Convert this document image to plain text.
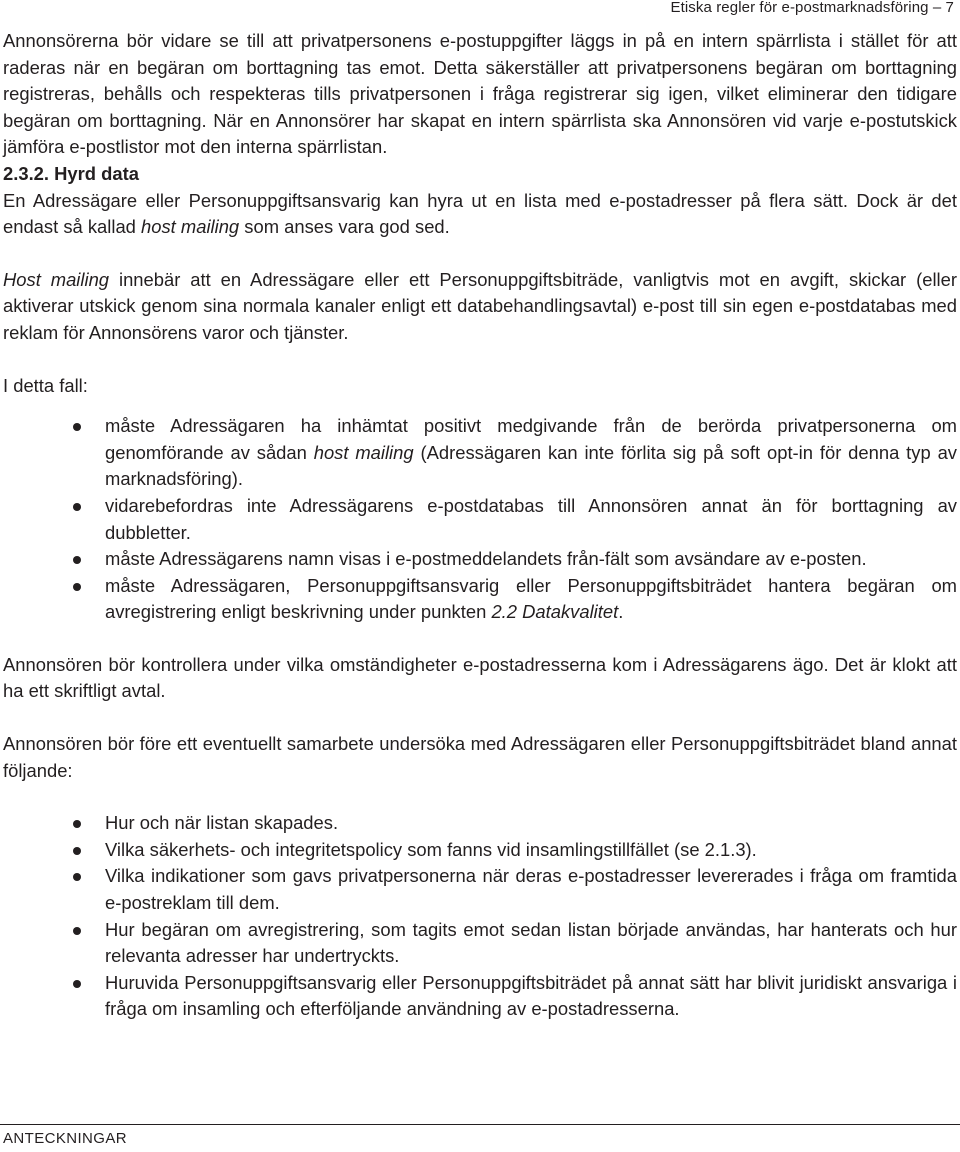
Etiska regler för e-postmarknadsföring – 7

Annonsörerna bör vidare se till att privatpersonens e-postuppgifter läggs in på en intern spärrlista i stället för att raderas när en begäran om borttagning tas emot. Detta säkerställer att privatpersonens begäran om borttagning registreras, behålls och respekteras tills privatpersonen i fråga registrerar sig igen, vilket eliminerar den tidigare begäran om borttagning. När en Annonsörer har skapat en intern spärrlista ska Annonsören vid varje e-postutskick jämföra e-postlistor mot den interna spärrlistan.

2.3.2. Hyrd data

En Adressägare eller Personuppgiftsansvarig kan hyra ut en lista med e-postadresser på flera sätt. Dock är det endast så kallad host mailing som anses vara god sed.

Host mailing innebär att en Adressägare eller ett Personuppgiftsbiträde, vanligtvis mot en avgift, skickar (eller aktiverar utskick genom sina normala kanaler enligt ett databehandlingsavtal) e-post till sin egen e-postdatabas med reklam för Annonsörens varor och tjänster.

I detta fall:

måste Adressägaren ha inhämtat positivt medgivande från de berörda privatpersonerna om genomförande av sådan host mailing (Adressägaren kan inte förlita sig på soft opt-in för denna typ av marknadsföring).
vidarebefordras inte Adressägarens e-postdatabas till Annonsören annat än för borttagning av dubbletter.
måste Adressägarens namn visas i e-postmeddelandets från-fält som avsändare av e-posten.
måste Adressägaren, Personuppgiftsansvarig eller Personuppgiftsbiträdet hantera begäran om avregistrering enligt beskrivning under punkten 2.2 Datakvalitet.

Annonsören bör kontrollera under vilka omständigheter e-postadresserna kom i Adressägarens ägo. Det är klokt att ha ett skriftligt avtal.

Annonsören bör före ett eventuellt samarbete undersöka med Adressägaren eller Personuppgiftsbiträdet bland annat följande:

Hur och när listan skapades.
Vilka säkerhets- och integritetspolicy som fanns vid insamlingstillfället (se 2.1.3).
Vilka indikationer som gavs privatpersonerna när deras e-postadresser levererades i fråga om framtida e-postreklam till dem.
Hur begäran om avregistrering, som tagits emot sedan listan började användas, har hanterats och hur relevanta adresser har undertryckts.
Huruvida Personuppgiftsansvarig eller Personuppgiftsbiträdet på annat sätt har blivit juridiskt ansvariga i fråga om insamling och efterföljande användning av e-postadresserna.
ANTECKNINGAR
